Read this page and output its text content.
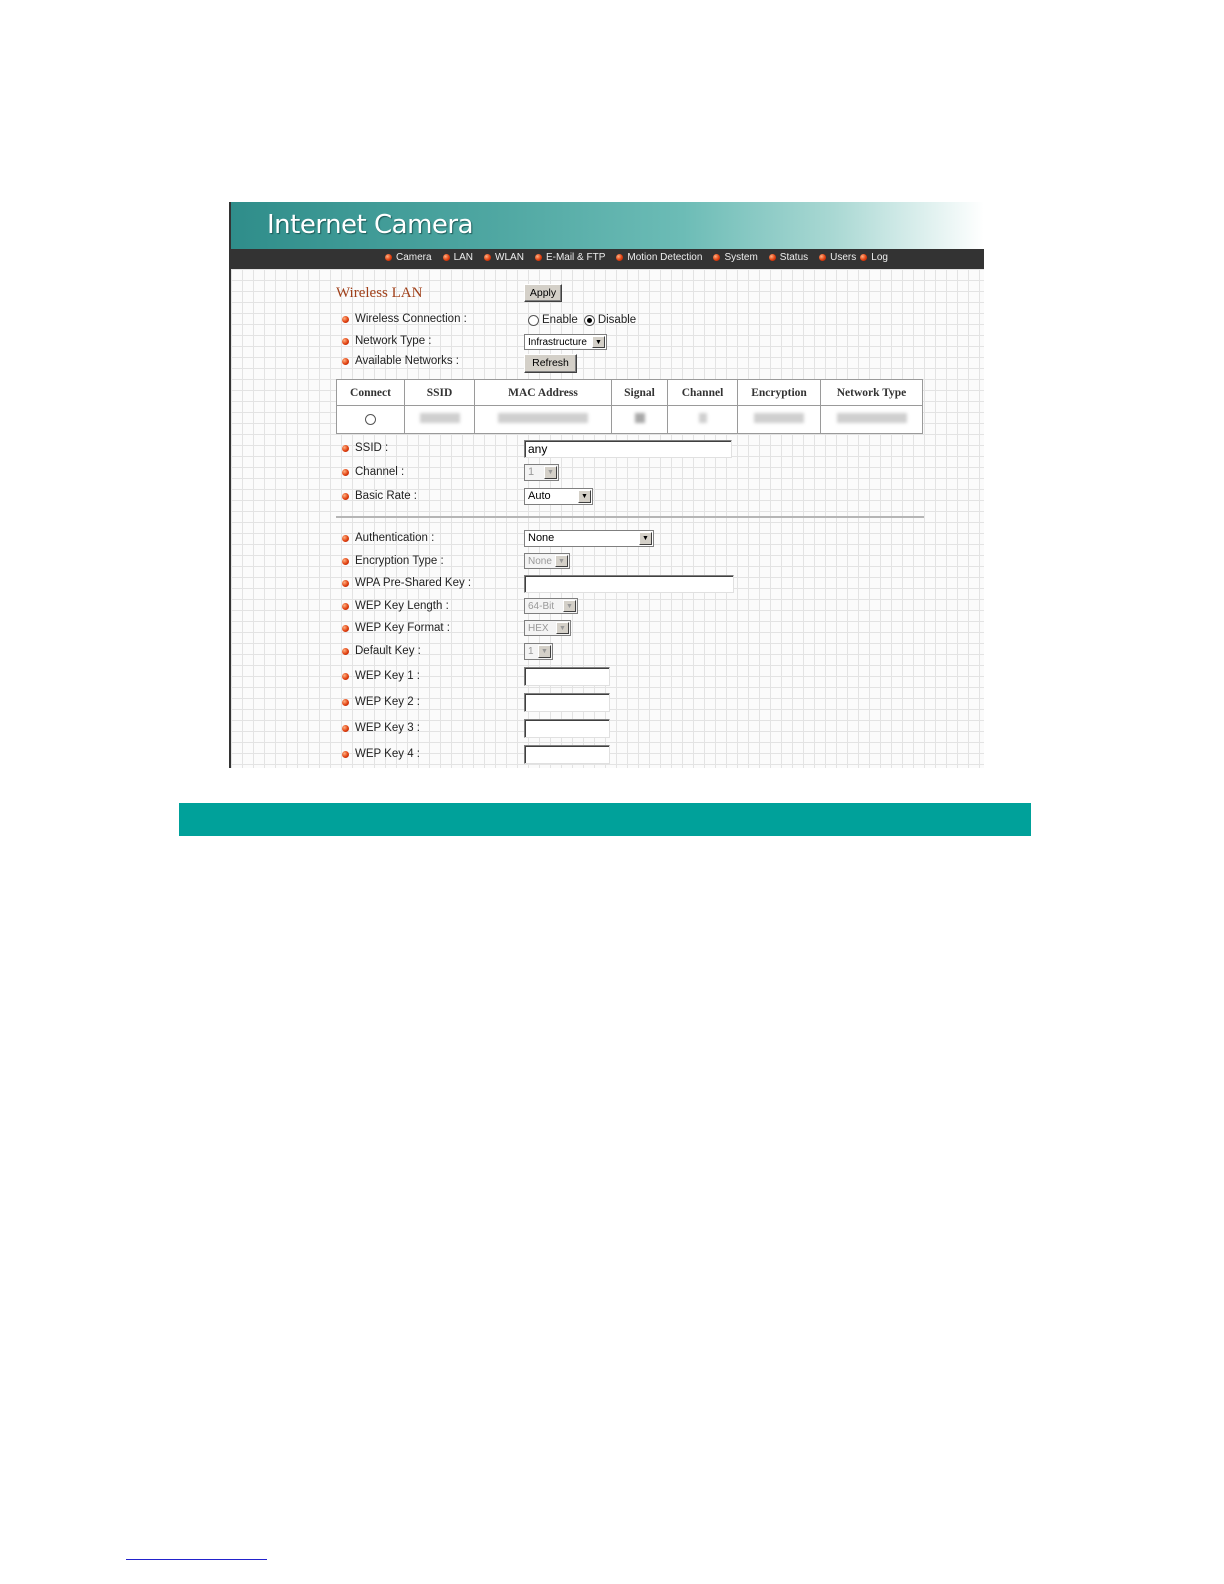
Internet Camera
Camera LAN WLAN E-Mail & FTP Motion Detection System Status Users Log
Wireless LAN	Apply
Wireless Connection :	Enable Disable
Network Type :	Infrastructure	▼
Available Networks :	Refresh
Connect	SSID	MAC Address	Signal	Channel	Encryption	Network Type

SSID :	any
Channel :	1	▼
Basic Rate :	Auto	▼
Authentication :	None	▼
Encryption Type :	None ▼
WPA Pre-Shared Key :
WEP Key Length :	64-Bit	▼
WEP Key Format :	HEX	▼
Default Key :	1	▼
WEP Key 1 :
WEP Key 2 :
WEP Key 3 :
WEP Key 4 :
